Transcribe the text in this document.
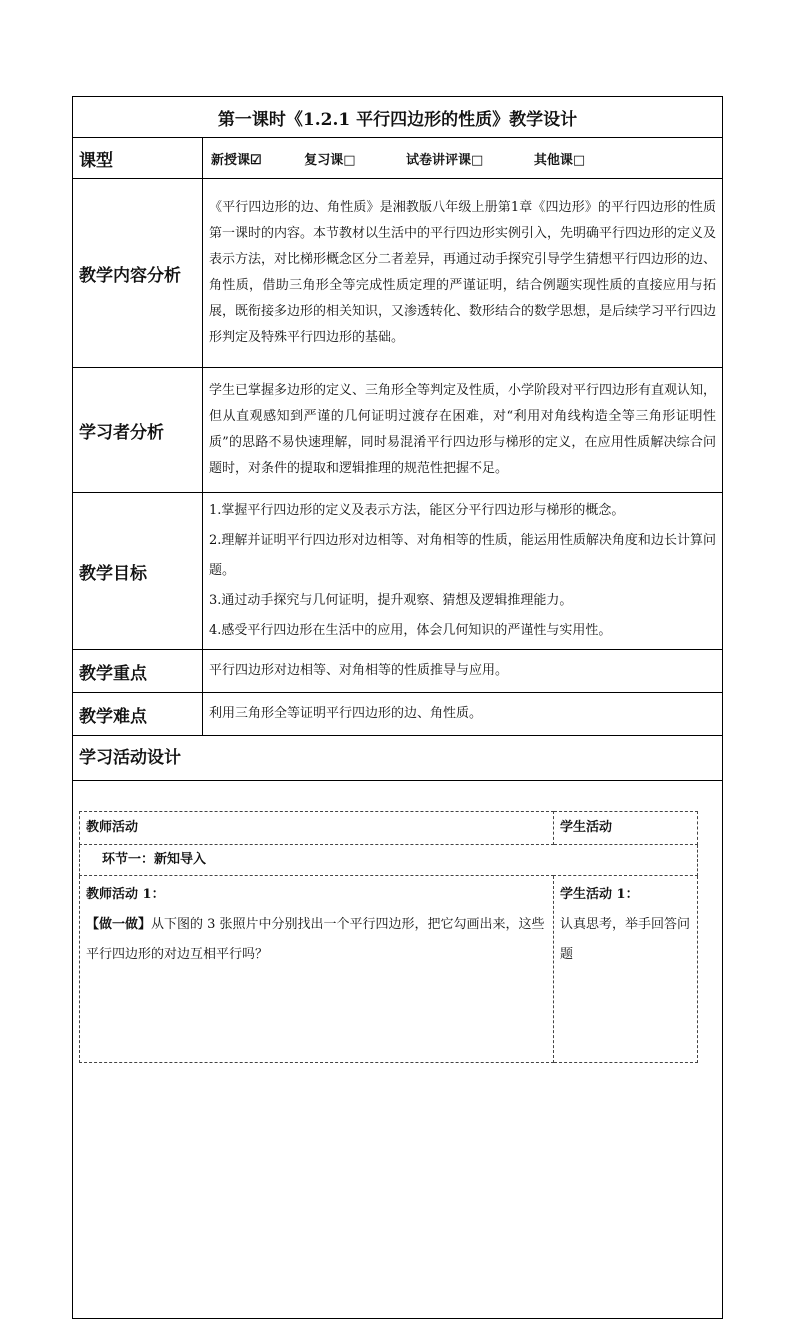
第一课时《1.2.1 平行四边形的性质》教学设计
课型	新授课☑	复习课□	试卷讲评课□	其他课□
教学内容分析	《平行四边形的边、角性质》是湘教版八年级上册第1章《四边形》的平行四边形的性质第一课时的内容。本节教材以生活中的平行四边形实例引入，先明确平行四边形的定义及表示方法，对比梯形概念区分二者差异，再通过动手探究引导学生猜想平行四边形的边、角性质，借助三角形全等完成性质定理的严谨证明，结合例题实现性质的直接应用与拓展，既衔接多边形的相关知识，又渗透转化、数形结合的数学思想，是后续学习平行四边形判定及特殊平行四边形的基础。
学习者分析	学生已掌握多边形的定义、三角形全等判定及性质，小学阶段对平行四边形有直观认知，但从直观感知到严谨的几何证明过渡存在困难，对“利用对角线构造全等三角形证明性质”的思路不易快速理解，同时易混淆平行四边形与梯形的定义，在应用性质解决综合问题时，对条件的提取和逻辑推理的规范性把握不足。
教学目标	
1.掌握平行四边形的定义及表示方法，能区分平行四边形与梯形的概念。
2.理解并证明平行四边形对边相等、对角相等的性质，能运用性质解决角度和边长计算问题。
3.通过动手探究与几何证明，提升观察、猜想及逻辑推理能力。
4.感受平行四边形在生活中的应用，体会几何知识的严谨性与实用性。

教学重点	平行四边形对边相等、对角相等的性质推导与应用。
教学难点	利用三角形全等证明平行四边形的边、角性质。

学习活动设计
教师活动	学生活动
环节一：新知导入

教师活动 1：

【做一做】从下图的 3 张照片中分别找出一个平行四边形，把它勾画出来，这些平行四边形的对边互相平行吗？

学生活动 1：

认真思考，举手回答问题
